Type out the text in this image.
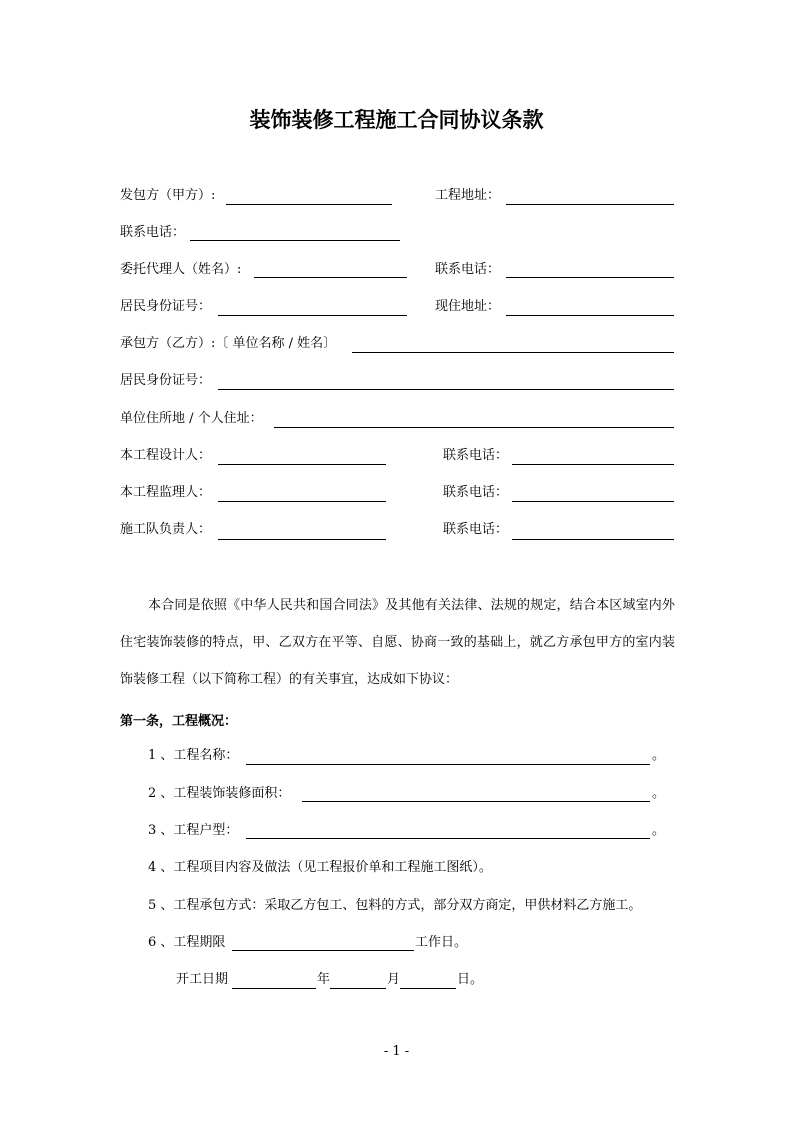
装饰装修工程施工合同协议条款
发包方（甲方）:	工程地址：
联系电话：
委托代理人（姓名）:	联系电话：
居民身份证号：	现住地址：
承包方（乙方）:〔 单位名称 / 姓名〕
居民身份证号：
单位住所地 / 个人住址：
本工程设计人：	联系电话：
本工程监理人：	联系电话：
施工队负责人：	联系电话：
本合同是依照《中华人民共和国合同法》及其他有关法律、法规的规定，结合本区域室内外住宅装饰装修的特点，甲、乙双方在平等、自愿、协商一致的基础上，就乙方承包甲方的室内装饰装修工程（以下简称工程）的有关事宜，达成如下协议：
第一条，工程概况：
1 、工程名称：	。
2 、工程装饰装修面积：	。
3 、工程户型：	。
4 、工程项目内容及做法（见工程报价单和工程施工图纸）。
5 、工程承包方式：采取乙方包工、包料的方式，部分双方商定，甲供材料乙方施工。
6 、工程期限	工作日。
开工日期	年	月	日。
- 1 -
